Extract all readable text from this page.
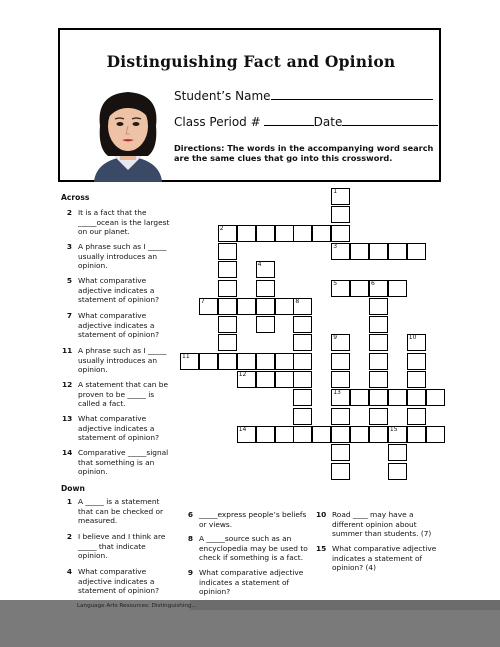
Distinguishing Fact and Opinion
Student’s Name
Class Period #	Date
Directions: The words in the accompanying word search are the same clues that go into this crossword.
Across
2 It is a fact that the
_____ocean is the largest
on our planet.
3 A phrase such as I _____
usually introduces an
opinion.
5 What comparative
adjective indicates a
statement of opinion?
7 What comparative
adjective indicates a
statement of opinion?
11 A phrase such as I _____
usually introduces an
opinion.
12 A statement that can be
proven to be _____ is
called a fact.
13 What comparative
adjective indicates a
statement of opinion?
14 Comparative _____signal
that something is an
opinion.
Down
1 A _____ is a statement
that can be checked or
measured.
2 I believe and I think are
_____ that indicate
opinion.
4 What comparative
adjective indicates a
statement of opinion?
6 _____express people’s beliefs
or views.
8 A _____source such as an
encyclopedia may be used to
check if something is a fact.
9 What comparative adjective
indicates a statement of
opinion?
10 Road ____ may have a
different opinion about
summer than students. (7)
15 What comparative adjective
indicates a statement of
opinion? (4)
2
1
3
4
7	8
5	6
11
9
13
10
12
14	15
Language Arts Resources: Distinguishing...
